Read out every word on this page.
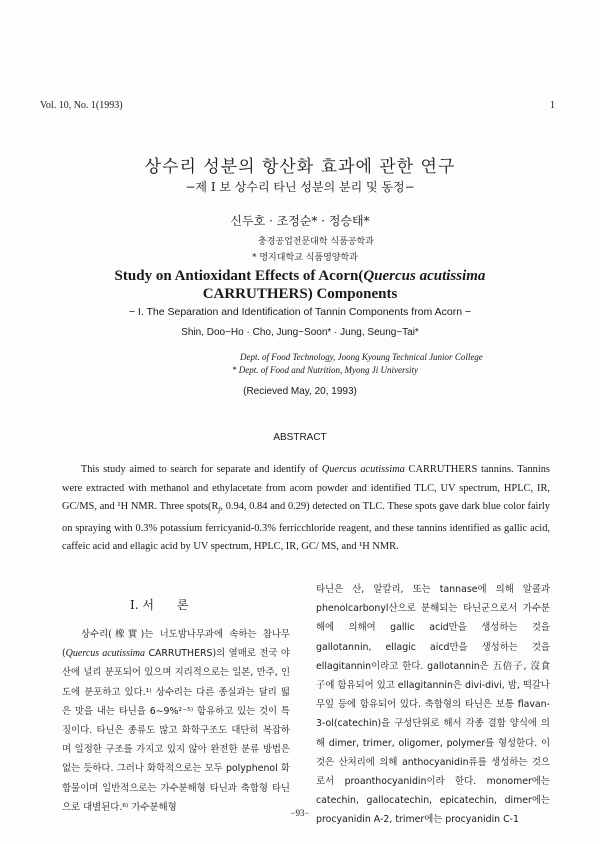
Vol. 10, No. 1(1993)	1
상수리 성분의 항산화 효과에 관한 연구
−제 I 보 상수리 타닌 성분의 분리 및 동정−
신두호 · 조정순* · 정승태*
충경공업전문대학 식품공학과
* 명지대학교 식품영양학과
Study on Antioxidant Effects of Acorn(Quercus acutissima
CARRUTHERS) Components
− I. The Separation and Identification of Tannin Components from Acorn −
Shin, Doo−Ho · Cho, Jung−Soon* · Jung, Seung−Tai*
Dept. of Food Technology, Joong Kyoung Technical Junior College
* Dept. of Food and Nutrition, Myong Ji University
(Recieved May, 20, 1993)
ABSTRACT
This study aimed to search for separate and identify of Quercus acutissima CARRUTHERS tannins. Tannins were extracted with methanol and ethylacetate from acorn powder and identified TLC, UV spectrum, HPLC, IR, GC/MS, and ¹H NMR. Three $spots(R_f$, 0.94, 0.84 and 0.29) detected on TLC. These spots gave dark blue color fairly on spraying with 0.3% potassium ferricyanid-0.3% ferricchloride reagent, and these tannins identified as gallic acid, caffeic acid and ellagic acid by UV spectrum, HPLC, IR, GC/ MS, and ¹H NMR.
I. 서      론
상수리(橡實)는 너도밤나무과에 속하는 참나무 (Quercus acutissima CARRUTHERS)의 열매로 전국 야산에 널리 분포되어 있으며 지리적으로는 일본, 만주, 인도에 분포하고 있다.¹⁾ 상수리는 다른 종실과는 달리 떫은 맛을 내는 타닌을 6∼9%²⁻⁵⁾ 함유하고 있는 것이 특징이다. 타닌은 종류도 많고 화학구조도 대단히 복잡하며 일정한 구조를 가지고 있지 않아 완전한 분류 방법은 없는 듯하다. 그러나 화학적으로는 모두 polyphenol 화합물이며 일반적으로는 가수분해형 타닌과 축합형 타닌으로 대별된다.⁶⁾ 가수분해형
타닌은 산, 알칼리, 또는 tannase에 의해 알콜과 phenolcarbonyl산으로 분해되는 타닌군으로서 가수분해에 의해여 gallic acid만을 생성하는 것을 gallotannin, ellagic aicd만을 생성하는 것을 ellagitannin이라고 한다. gallotannin은 五倍子, 沒食子에 함유되어 있고 ellagitannin은 divi-divi, 밤, 떡갈나무잎 등에 함유되어 있다. 축합형의 타닌은 보통 flavan-3-ol(catechin)을 구성단위로 해서 각종 결합 양식에 의해 dimer, trimer, oligomer, polymer를 형성한다. 이것은 산처리에 의해 anthocyanidin류를 생성하는 것으로서 proanthocyanidin이라 한다. monomer에는 catechin, gallocatechin, epicatechin, dimer에는 procyanidin A-2, trimer에는 procyanidin C-1
−93−
